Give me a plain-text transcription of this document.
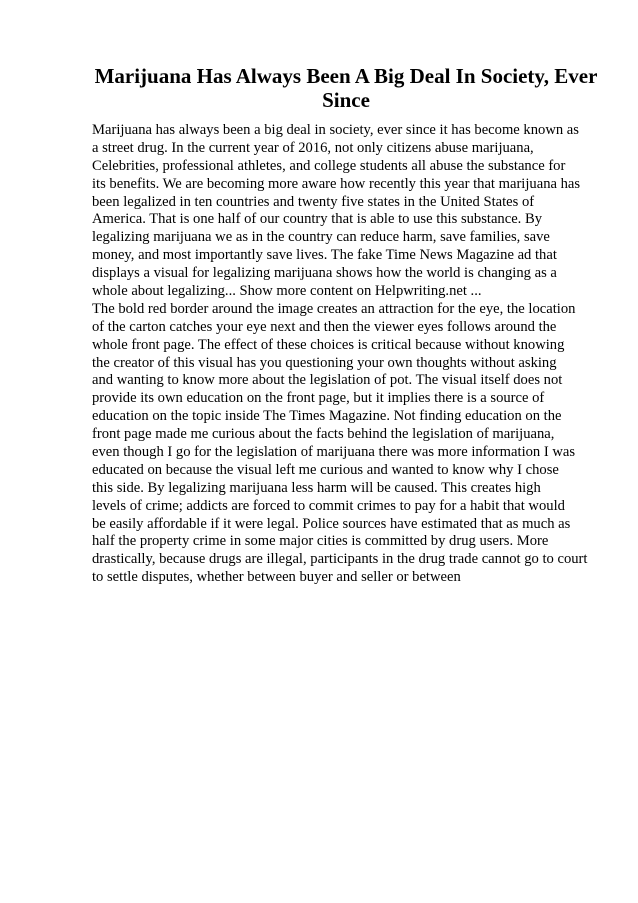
Marijuana Has Always Been A Big Deal In Society, Ever
Since
Marijuana has always been a big deal in society, ever since it has become known as
a street drug. In the current year of 2016, not only citizens abuse marijuana,
Celebrities, professional athletes, and college students all abuse the substance for
its benefits. We are becoming more aware how recently this year that marijuana has
been legalized in ten countries and twenty five states in the United States of
America. That is one half of our country that is able to use this substance. By
legalizing marijuana we as in the country can reduce harm, save families, save
money, and most importantly save lives. The fake Time News Magazine ad that
displays a visual for legalizing marijuana shows how the world is changing as a
whole about legalizing... Show more content on Helpwriting.net ...
The bold red border around the image creates an attraction for the eye, the location
of the carton catches your eye next and then the viewer eyes follows around the
whole front page. The effect of these choices is critical because without knowing
the creator of this visual has you questioning your own thoughts without asking
and wanting to know more about the legislation of pot. The visual itself does not
provide its own education on the front page, but it implies there is a source of
education on the topic inside The Times Magazine. Not finding education on the
front page made me curious about the facts behind the legislation of marijuana,
even though I go for the legislation of marijuana there was more information I was
educated on because the visual left me curious and wanted to know why I chose
this side. By legalizing marijuana less harm will be caused. This creates high
levels of crime; addicts are forced to commit crimes to pay for a habit that would
be easily affordable if it were legal. Police sources have estimated that as much as
half the property crime in some major cities is committed by drug users. More
drastically, because drugs are illegal, participants in the drug trade cannot go to court
to settle disputes, whether between buyer and seller or between
